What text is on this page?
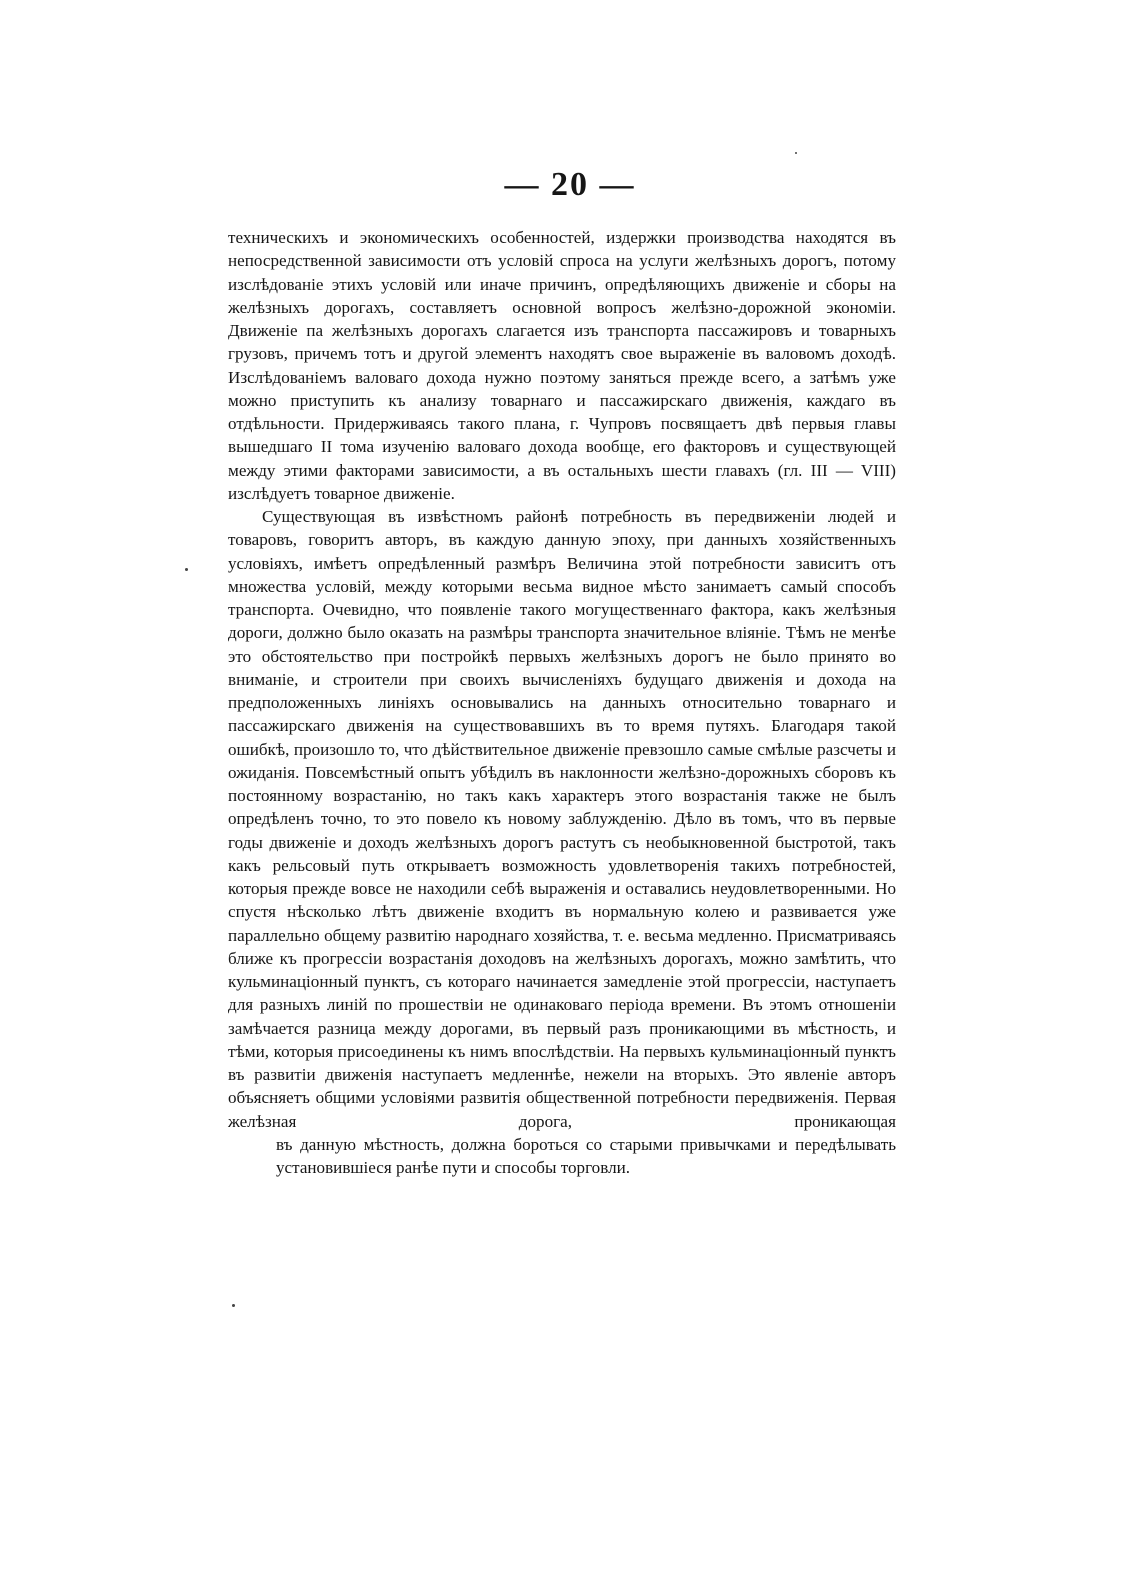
— 20 —

техническихъ и экономическихъ особенностей, издержки производства находятся въ непосредственной зависимости отъ условій спроса на услуги желѣзныхъ дорогъ, потому изслѣдованіе этихъ условій или иначе причинъ, опредѣляющихъ движеніе и сборы на желѣзныхъ дорогахъ, составляетъ основной вопросъ желѣзно-дорожной экономіи. Движеніе па желѣзныхъ дорогахъ слагается изъ транспорта пассажировъ и товарныхъ грузовъ, причемъ тотъ и другой элементъ находятъ свое выраженіе въ валовомъ доходѣ. Изслѣдованіемъ валоваго дохода нужно поэтому заняться прежде всего, а затѣмъ уже можно приступить къ анализу товарнаго и пассажирскаго движенія, каждаго въ отдѣльности. Придерживаясь такого плана, г. Чупровъ посвящаетъ двѣ первыя главы вышедшаго II тома изученію валоваго дохода вообще, его факторовъ и существующей между этими факторами зависимости, а въ остальныхъ шести главахъ (гл. III — VIII) изслѣдуетъ товарное движеніе.

Существующая въ извѣстномъ районѣ потребность въ передвиженіи людей и товаровъ, говоритъ авторъ, въ каждую данную эпоху, при данныхъ хозяйственныхъ условіяхъ, имѣетъ опредѣленный размѣръ Величина этой потребности зависитъ отъ множества условій, между которыми весьма видное мѣсто занимаетъ самый способъ транспорта. Очевидно, что появленіе такого могущественнаго фактора, какъ желѣзныя дороги, должно было оказать на размѣры транспорта значительное вліяніе. Тѣмъ не менѣе это обстоятельство при постройкѣ первыхъ желѣзныхъ дорогъ не было принято во вниманіе, и строители при своихъ вычисленіяхъ будущаго движенія и дохода на предположенныхъ линіяхъ основывались на данныхъ относительно товарнаго и пассажирскаго движенія на существовавшихъ въ то время путяхъ. Благодаря такой ошибкѣ, произошло то, что дѣйствительное движеніе превзошло самые смѣлые разсчеты и ожиданія. Повсемѣстный опытъ убѣдилъ въ наклонности желѣзно-дорожныхъ сборовъ къ постоянному возрастанію, но такъ какъ характеръ этого возрастанія также не былъ опредѣленъ точно, то это повело къ новому заблужденію. Дѣло въ томъ, что въ первые годы движеніе и доходъ желѣзныхъ дорогъ растутъ съ необыкновенной быстротой, такъ какъ рельсовый путь открываетъ возможность удовлетворенія такихъ потребностей, которыя прежде вовсе не находили себѣ выраженія и оставались неудовлетворенными. Но спустя нѣсколько лѣтъ движеніе входитъ въ нормальную колею и развивается уже параллельно общему развитію народнаго хозяйства, т. е. весьма медленно. Присматриваясь ближе къ прогрессіи возрастанія доходовъ на желѣзныхъ дорогахъ, можно замѣтить, что кульминаціонный пунктъ, съ котораго начинается замедленіе этой прогрессіи, наступаетъ для разныхъ линій по прошествіи не одинаковаго періода времени. Въ этомъ отношеніи замѣчается разница между дорогами, въ первый разъ проникающими въ мѣстность, и тѣми, которыя присоединены къ нимъ впослѣдствіи. На первыхъ кульминаціонный пунктъ въ развитіи движенія наступаетъ медленнѣе, нежели на вторыхъ. Это явленіе авторъ объясняетъ общими условіями развитія общественной потребности передвиженія. Первая желѣзная дорога, проникающая

въ данную мѣстность, должна бороться со старыми привычками и передѣлывать установившіеся ранѣе пути и способы торговли.
